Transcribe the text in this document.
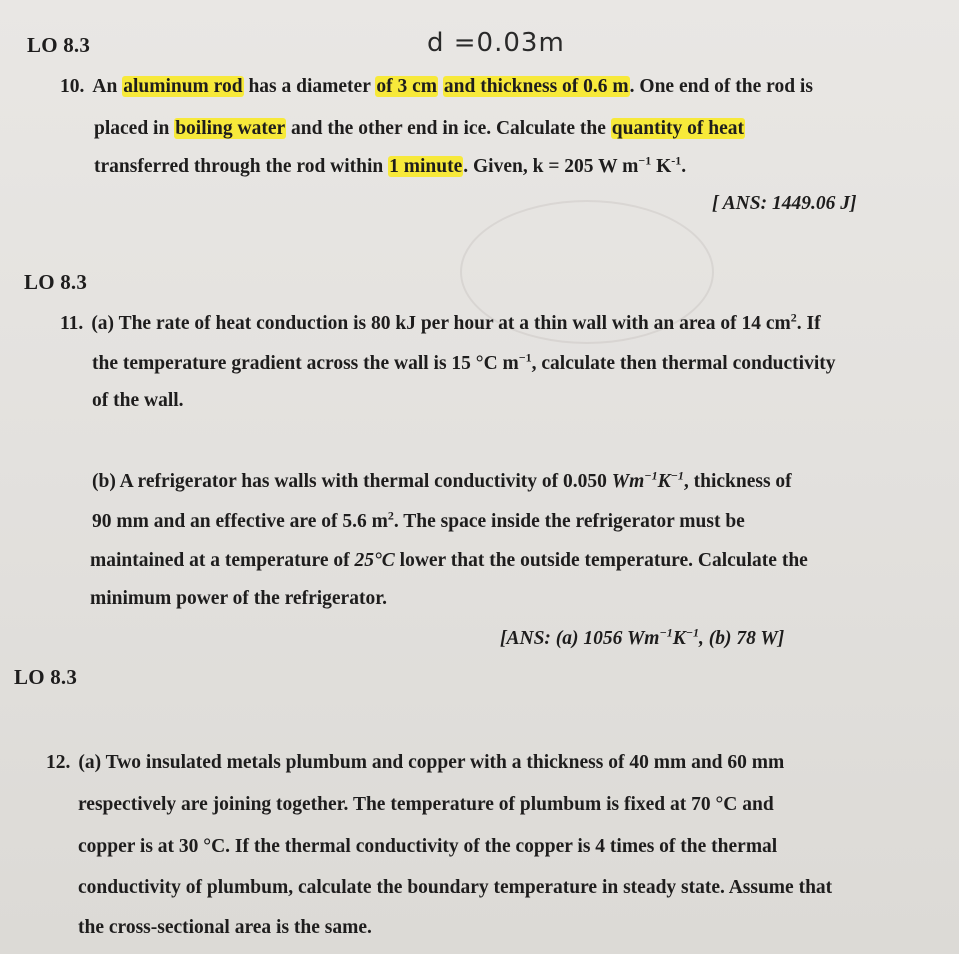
LO 8.3	d =0.03m
10. An aluminum rod has a diameter of 3 cm and thickness of 0.6 m. One end of the rod is
placed in boiling water and the other end in ice. Calculate the quantity of heat
transferred through the rod within 1 minute. Given, k = 205 W $m^{-1}$ $K^{-1}$.
[ ANS: 1449.06 J]
LO 8.3
11. (a) The rate of heat conduction is 80 kJ per hour at a thin wall with an area of 14 $cm^2$. If
the temperature gradient across the wall is 15 °C $m^{-1}$, calculate then thermal conductivity
of the wall.
(b) A refrigerator has walls with thermal conductivity of 0.050 $Wm^{-1}K^{-1}$, thickness of
90 mm and an effective are of 5.6 $m^2$. The space inside the refrigerator must be
maintained at a temperature of 25°C lower that the outside temperature. Calculate the
minimum power of the refrigerator.
[ANS: (a) 1056 $Wm^{-1}K^{-1}$, (b) 78 W]
LO 8.3
12. (a) Two insulated metals plumbum and copper with a thickness of 40 mm and 60 mm
respectively are joining together. The temperature of plumbum is fixed at 70 °C and
copper is at 30 °C. If the thermal conductivity of the copper is 4 times of the thermal
conductivity of plumbum, calculate the boundary temperature in steady state. Assume that
the cross-sectional area is the same.
